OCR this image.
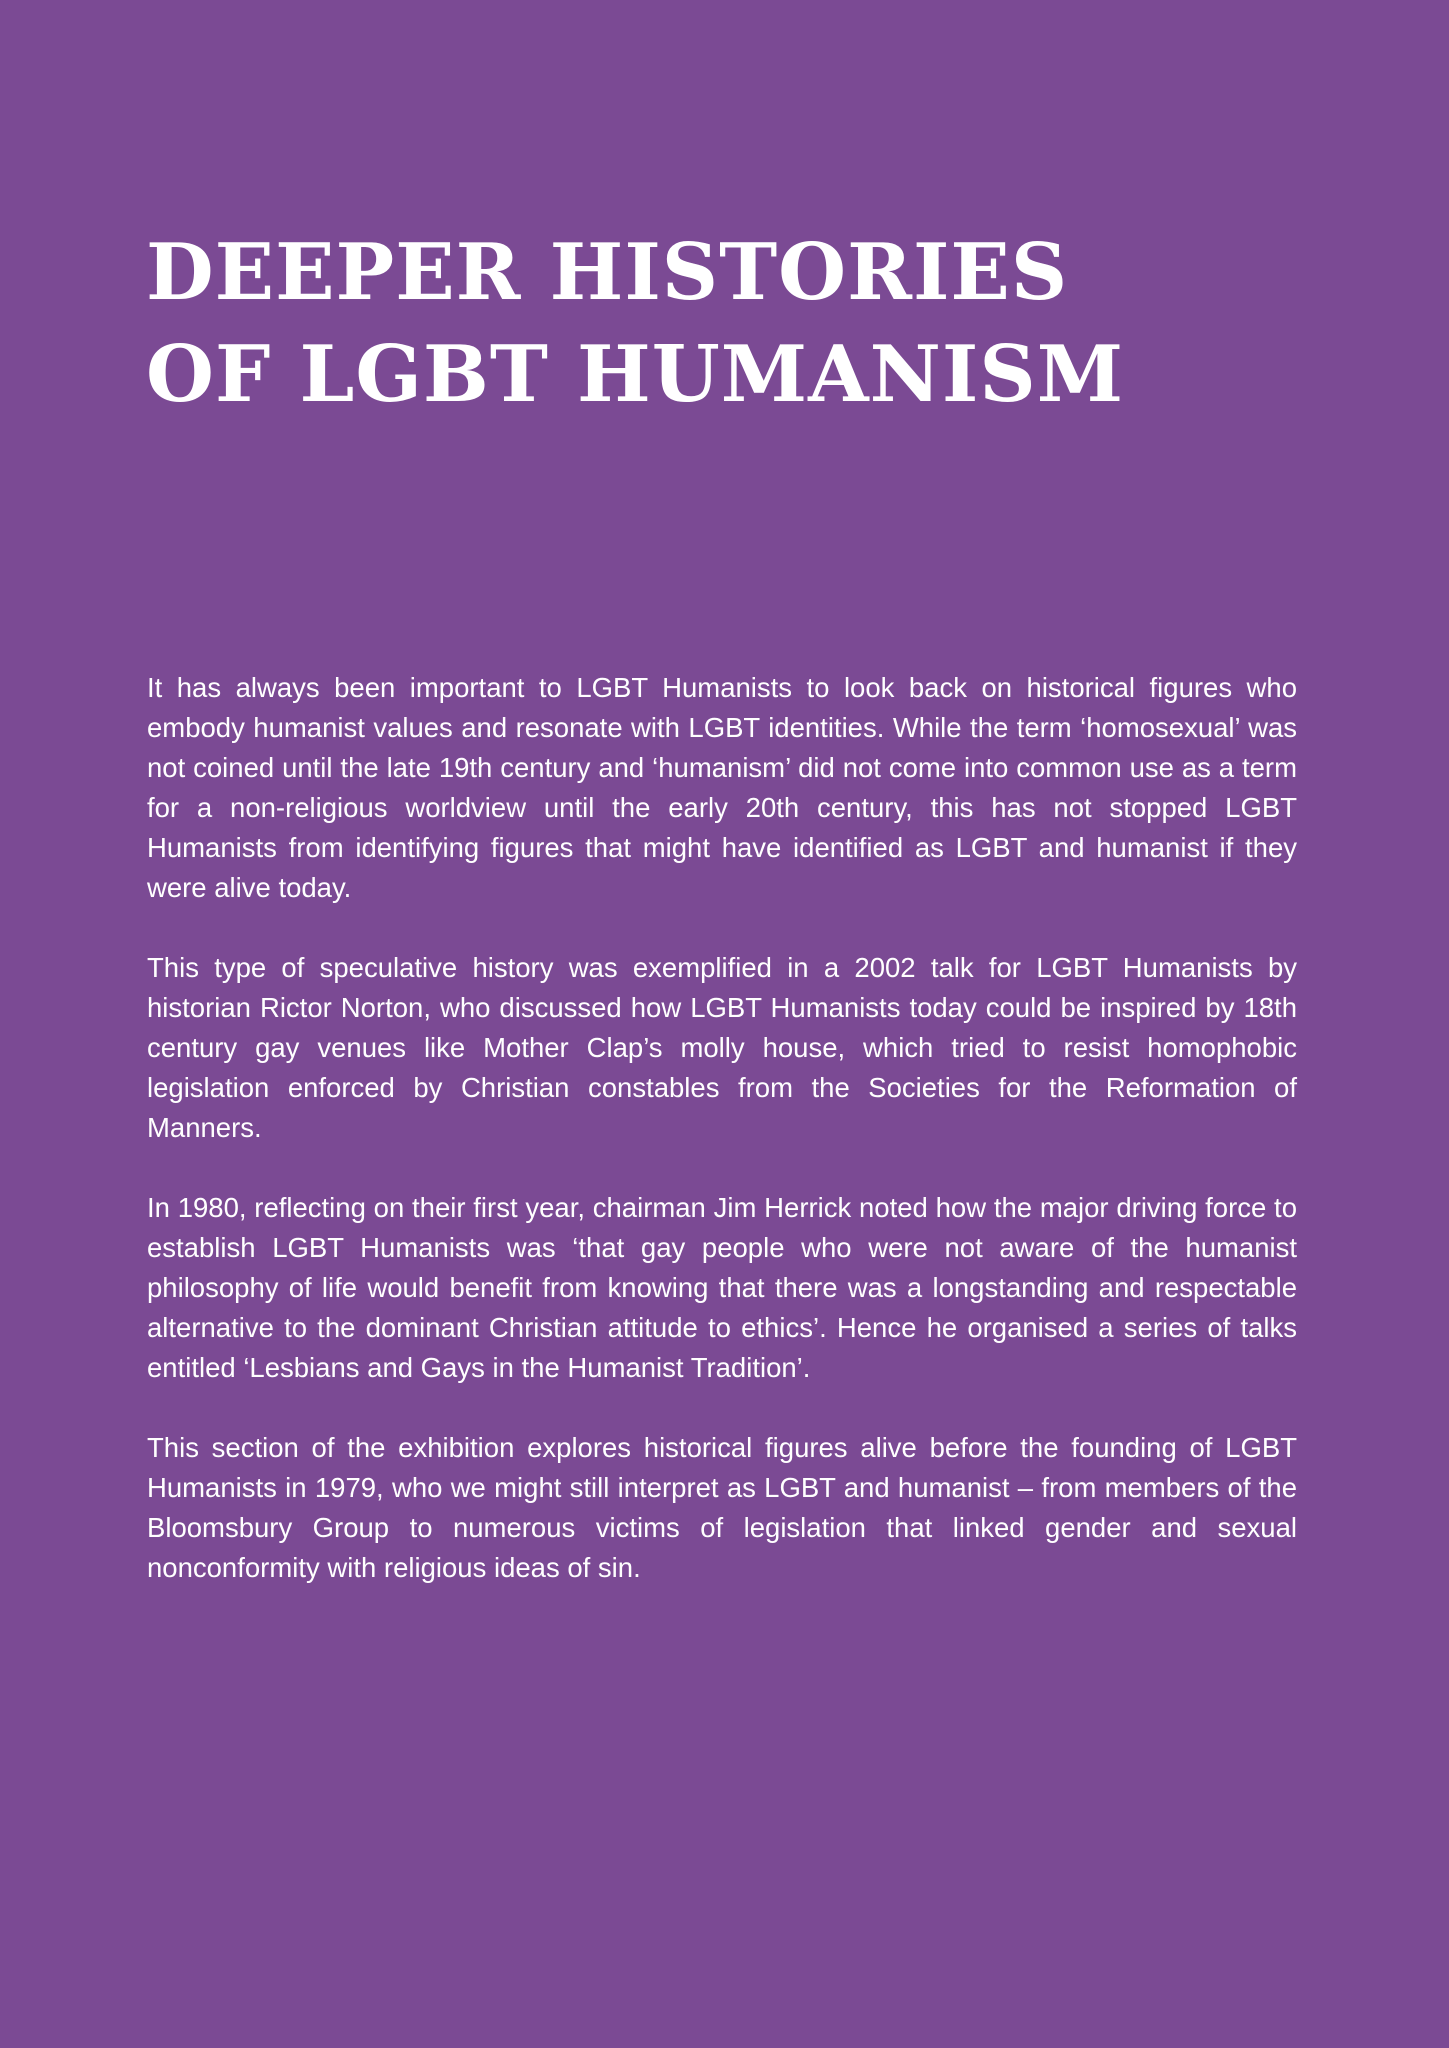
DEEPER HISTORIES
OF LGBT HUMANISM

It has always been important to LGBT Humanists to look back on historical figures who embody humanist values and resonate with LGBT identities. While the term ‘homosexual’ was not coined until the late 19th century and ‘humanism’ did not come into common use as a term for a non-religious worldview until the early 20th century, this has not stopped LGBT Humanists from identifying figures that might have identified as LGBT and humanist if they were alive today.

This type of speculative history was exemplified in a 2002 talk for LGBT Humanists by historian Rictor Norton, who discussed how LGBT Humanists today could be inspired by 18th century gay venues like Mother Clap’s molly house, which tried to resist homophobic legislation enforced by Christian constables from the Societies for the Reformation of Manners.

In 1980, reflecting on their first year, chairman Jim Herrick noted how the major driving force to establish LGBT Humanists was ‘that gay people who were not aware of the humanist philosophy of life would benefit from knowing that there was a longstanding and respectable alternative to the dominant Christian attitude to ethics’. Hence he organised a series of talks entitled ‘Lesbians and Gays in the Humanist Tradition’.

This section of the exhibition explores historical figures alive before the founding of LGBT Humanists in 1979, who we might still interpret as LGBT and humanist – from members of the Bloomsbury Group to numerous victims of legislation that linked gender and sexual nonconformity with religious ideas of sin.
